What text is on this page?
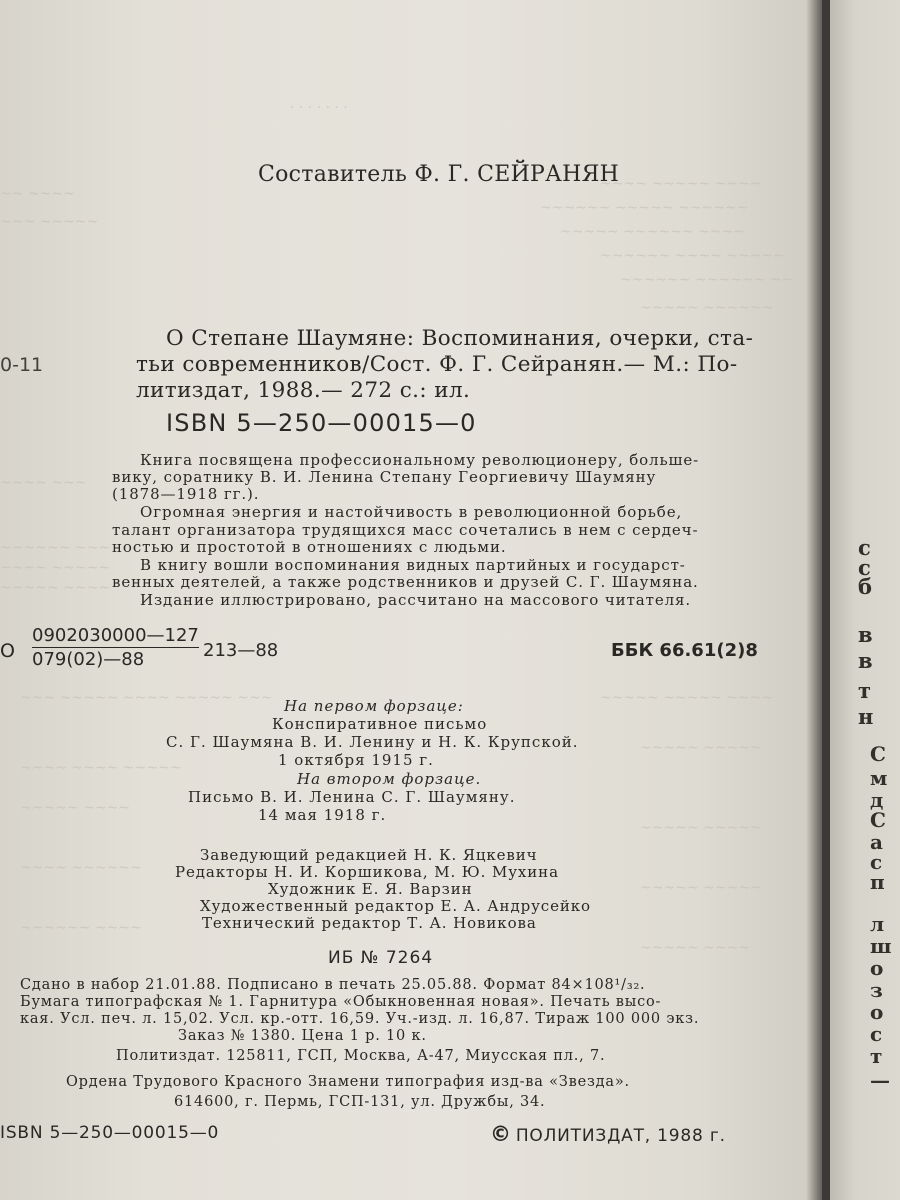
· · · · · · ·
~~~~ ~~~~~ ~~~~
~~~~~~ ~~~~~ ~~~~~~
~~~~~ ~~~~~~ ~~~~
~~~~~~ ~~~~ ~~~~~
~~~~~~ ~~~~~~ ~~
~~~~~ ~~~~~~
~~ ~~~~
~~~ ~~~~~
~~~~ ~~~
~~~~~~ ~~~
~~~~ ~~~~~
~~~~~ ~~~~
~~~ ~~~~~ ~~~~ ~~~~~ ~~~	~~~~~ ~~~~~ ~~~~
~~~~~ ~~~~~
~~~~ ~~~~ ~~~~~
~~~~~ ~~~~
~~~~~ ~~~~~
~~~~ ~~~~~~
~~~~~ ~~~~~
~~~~~~ ~~~~
~~~~~ ~~~~
Составитель Ф. Г. СЕЙРАНЯН
0-11
О Степане Шаумяне: Воспоминания, очерки, ста-
тьи современников/Сост. Ф. Г. Сейранян.— М.: По-
литиздат, 1988.— 272 с.: ил.
ISBN 5—250—00015—0
Книга посвящена профессиональному революционеру, больше-
вику, соратнику В. И. Ленина Степану Георгиевичу Шаумяну
(1878—1918 гг.).
Огромная энергия и настойчивость в революционной борьбе,
талант организатора трудящихся масс сочетались в нем с сердеч-
ностью и простотой в отношениях с людьми.
В книгу вошли воспоминания видных партийных и государст-
венных деятелей, а также родственников и друзей С. Г. Шаумяна.
Издание иллюстрировано, рассчитано на массового читателя.
О $\frac{0902030000—127}{079(02)—88}$ 213—88	ББК 66.61(2)8
На первом форзаце:
Конспиративное письмо
С. Г. Шаумяна В. И. Ленину и Н. К. Крупской.
1 октября 1915 г.
На втором форзаце.
Письмо В. И. Ленина С. Г. Шаумяну.
14 мая 1918 г.
Заведующий редакцией Н. К. Яцкевич
Редакторы Н. И. Коршикова, М. Ю. Мухина
Художник Е. Я. Варзин
Художественный редактор Е. А. Андрусейко
Технический редактор Т. А. Новикова
ИБ № 7264
Сдано в набор 21.01.88. Подписано в печать 25.05.88. Формат 84×108¹/₃₂.
Бумага типографская № 1. Гарнитура «Обыкновенная новая». Печать высо-
кая. Усл. печ. л. 15,02. Усл. кр.-отт. 16,59. Уч.-изд. л. 16,87. Тираж 100 000 экз.
Заказ № 1380. Цена 1 р. 10 к.
Политиздат. 125811, ГСП, Москва, А-47, Миусская пл., 7.
Ордена Трудового Красного Знамени типография изд-ва «Звезда».
614600, г. Пермь, ГСП-131, ул. Дружбы, 34.
ISBN 5—250—00015—0	© ПОЛИТИЗДАТ, 1988 г.
с
с
б
в
в
т
н
С
м
д
С
а
с
п
л
ш
о
з
о
с
т
—
